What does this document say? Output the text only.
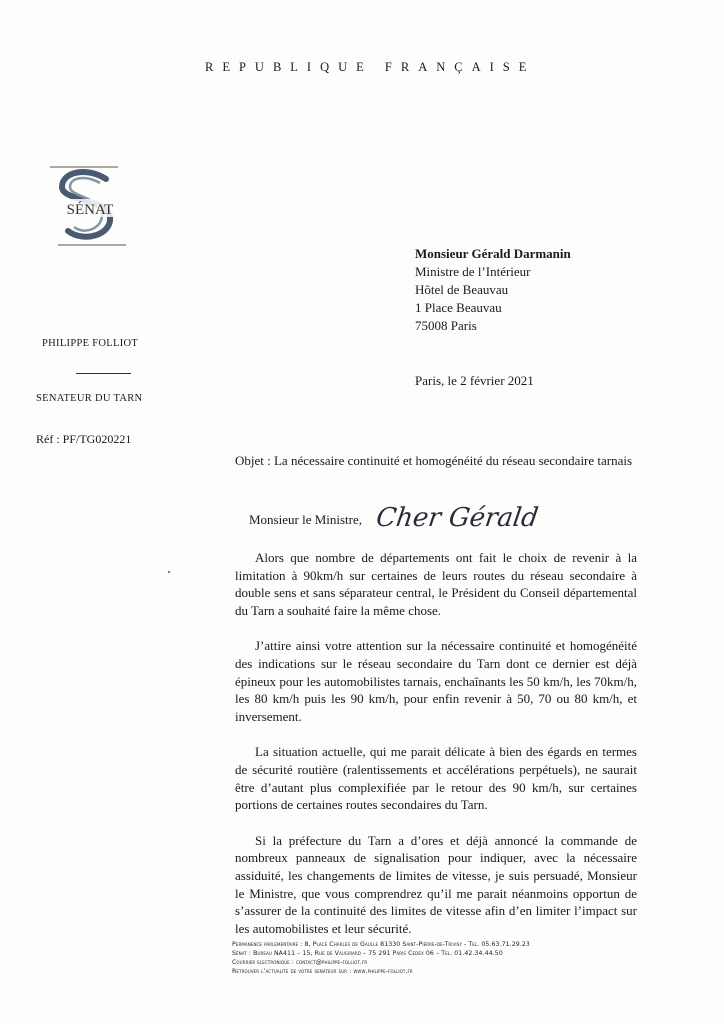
REPUBLIQUE FRANÇAISE
SÉNAT
PHILIPPE FOLLIOT
SENATEUR DU TARN
Réf : PF/TG020221
Monsieur Gérald Darmanin
Ministre de l’Intérieur
Hôtel de Beauvau
1 Place Beauvau
75008 Paris
Paris, le 2 février 2021
Objet : La nécessaire continuité et homogénéité du réseau secondaire tarnais
Monsieur le Ministre, Cher Gérald

Alors que nombre de départements ont fait le choix de revenir à la limitation à 90km/h sur certaines de leurs routes du réseau secondaire à double sens et sans séparateur central, le Président du Conseil départemental du Tarn a souhaité faire la même chose.

J’attire ainsi votre attention sur la nécessaire continuité et homogénéité des indications sur le réseau secondaire du Tarn dont ce dernier est déjà épineux pour les automobilistes tarnais, enchaînants les 50 km/h, les 70km/h, les 80 km/h puis les 90 km/h, pour enfin revenir à 50, 70 ou 80 km/h, et inversement.

La situation actuelle, qui me parait délicate à bien des égards en termes de sécurité routière (ralentissements et accélérations perpétuels), ne saurait être d’autant plus complexifiée par le retour des 90 km/h, sur certaines portions de certaines routes secondaires du Tarn.

Si la préfecture du Tarn a d’ores et déjà annoncé la commande de nombreux panneaux de signalisation pour indiquer, avec la nécessaire assiduité, les changements de limites de vitesse, je suis persuadé, Monsieur le Ministre, que vous comprendrez qu’il me parait néanmoins opportun de s’assurer de la continuité des limites de vitesse afin d’en limiter l’impact sur les automobilistes et leur sécurité.

Permanence parlementaire : 8, Place Charles de Gaulle 81330 Saint-Pierre-de-Trivisy - Tel. 05.63.71.29.23
Sénat : Bureau NA411 – 15, Rue de Vaugirard – 75 291 Paris Cedex 06 – Tel. 01.42.34.44.50
Courrier electronique : contact@philippe-folliot.fr
Retrouver l’actualite de votre senateur sur : www.philippe-folliot.fr
